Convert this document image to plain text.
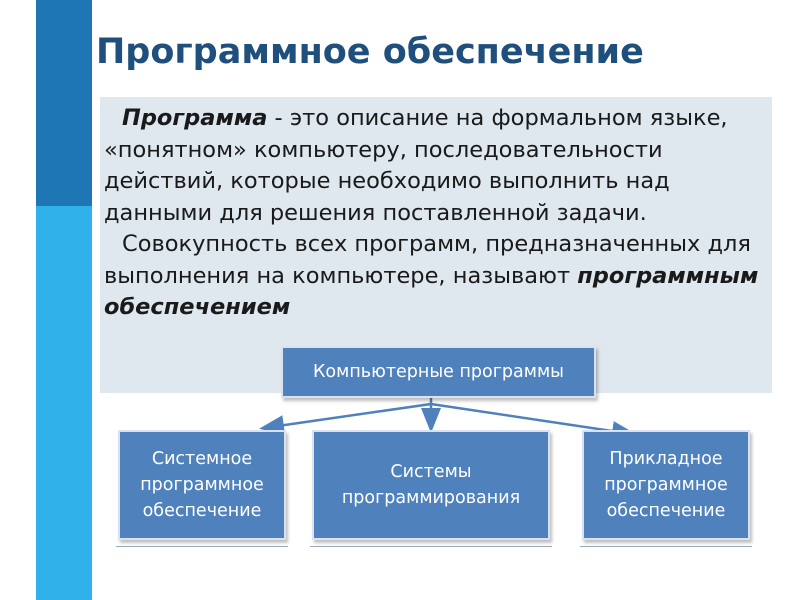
Программное обеспечение

Программа - это описание на формальном языке, «понятном» компьютеру, последовательности действий, которые необходимо выполнить над данными для решения поставленной задачи.

Совокупность всех программ, предназначенных для выполнения на компьютере, называют программным обеспечением

Компьютерные программы
Системное программное обеспечение
Системы программирования
Прикладное программное обеспечение
